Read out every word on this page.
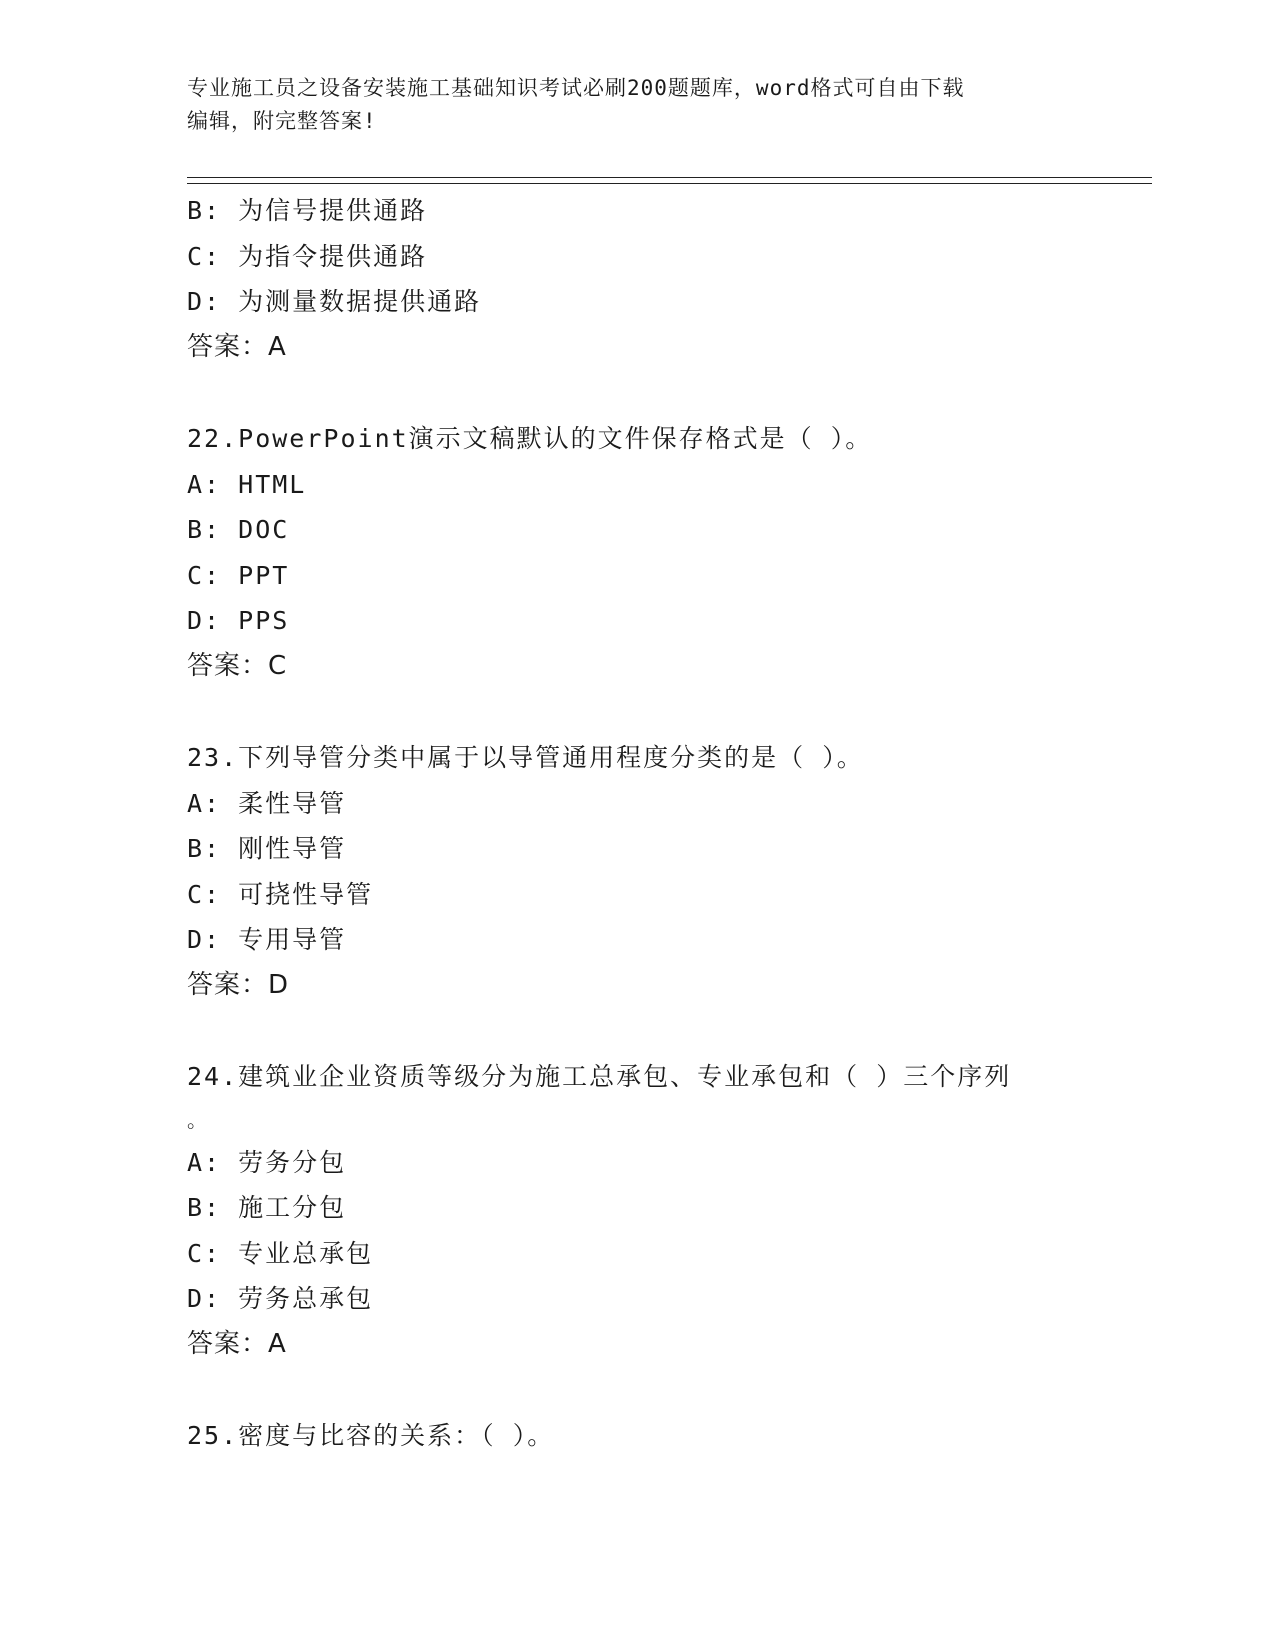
专业施工员之设备安装施工基础知识考试必刷200题题库，word格式可自由下载
编辑，附完整答案!
B: 为信号提供通路
C: 为指令提供通路
D: 为测量数据提供通路
答案：A
22.PowerPoint演示文稿默认的文件保存格式是（ ）。
A: HTML
B: DOC
C: PPT
D: PPS
答案：C
23.下列导管分类中属于以导管通用程度分类的是（ ）。
A: 柔性导管
B: 刚性导管
C: 可挠性导管
D: 专用导管
答案：D
24.建筑业企业资质等级分为施工总承包、专业承包和（ ）三个序列
。
A: 劳务分包
B: 施工分包
C: 专业总承包
D: 劳务总承包
答案：A
25.密度与比容的关系：（ ）。
